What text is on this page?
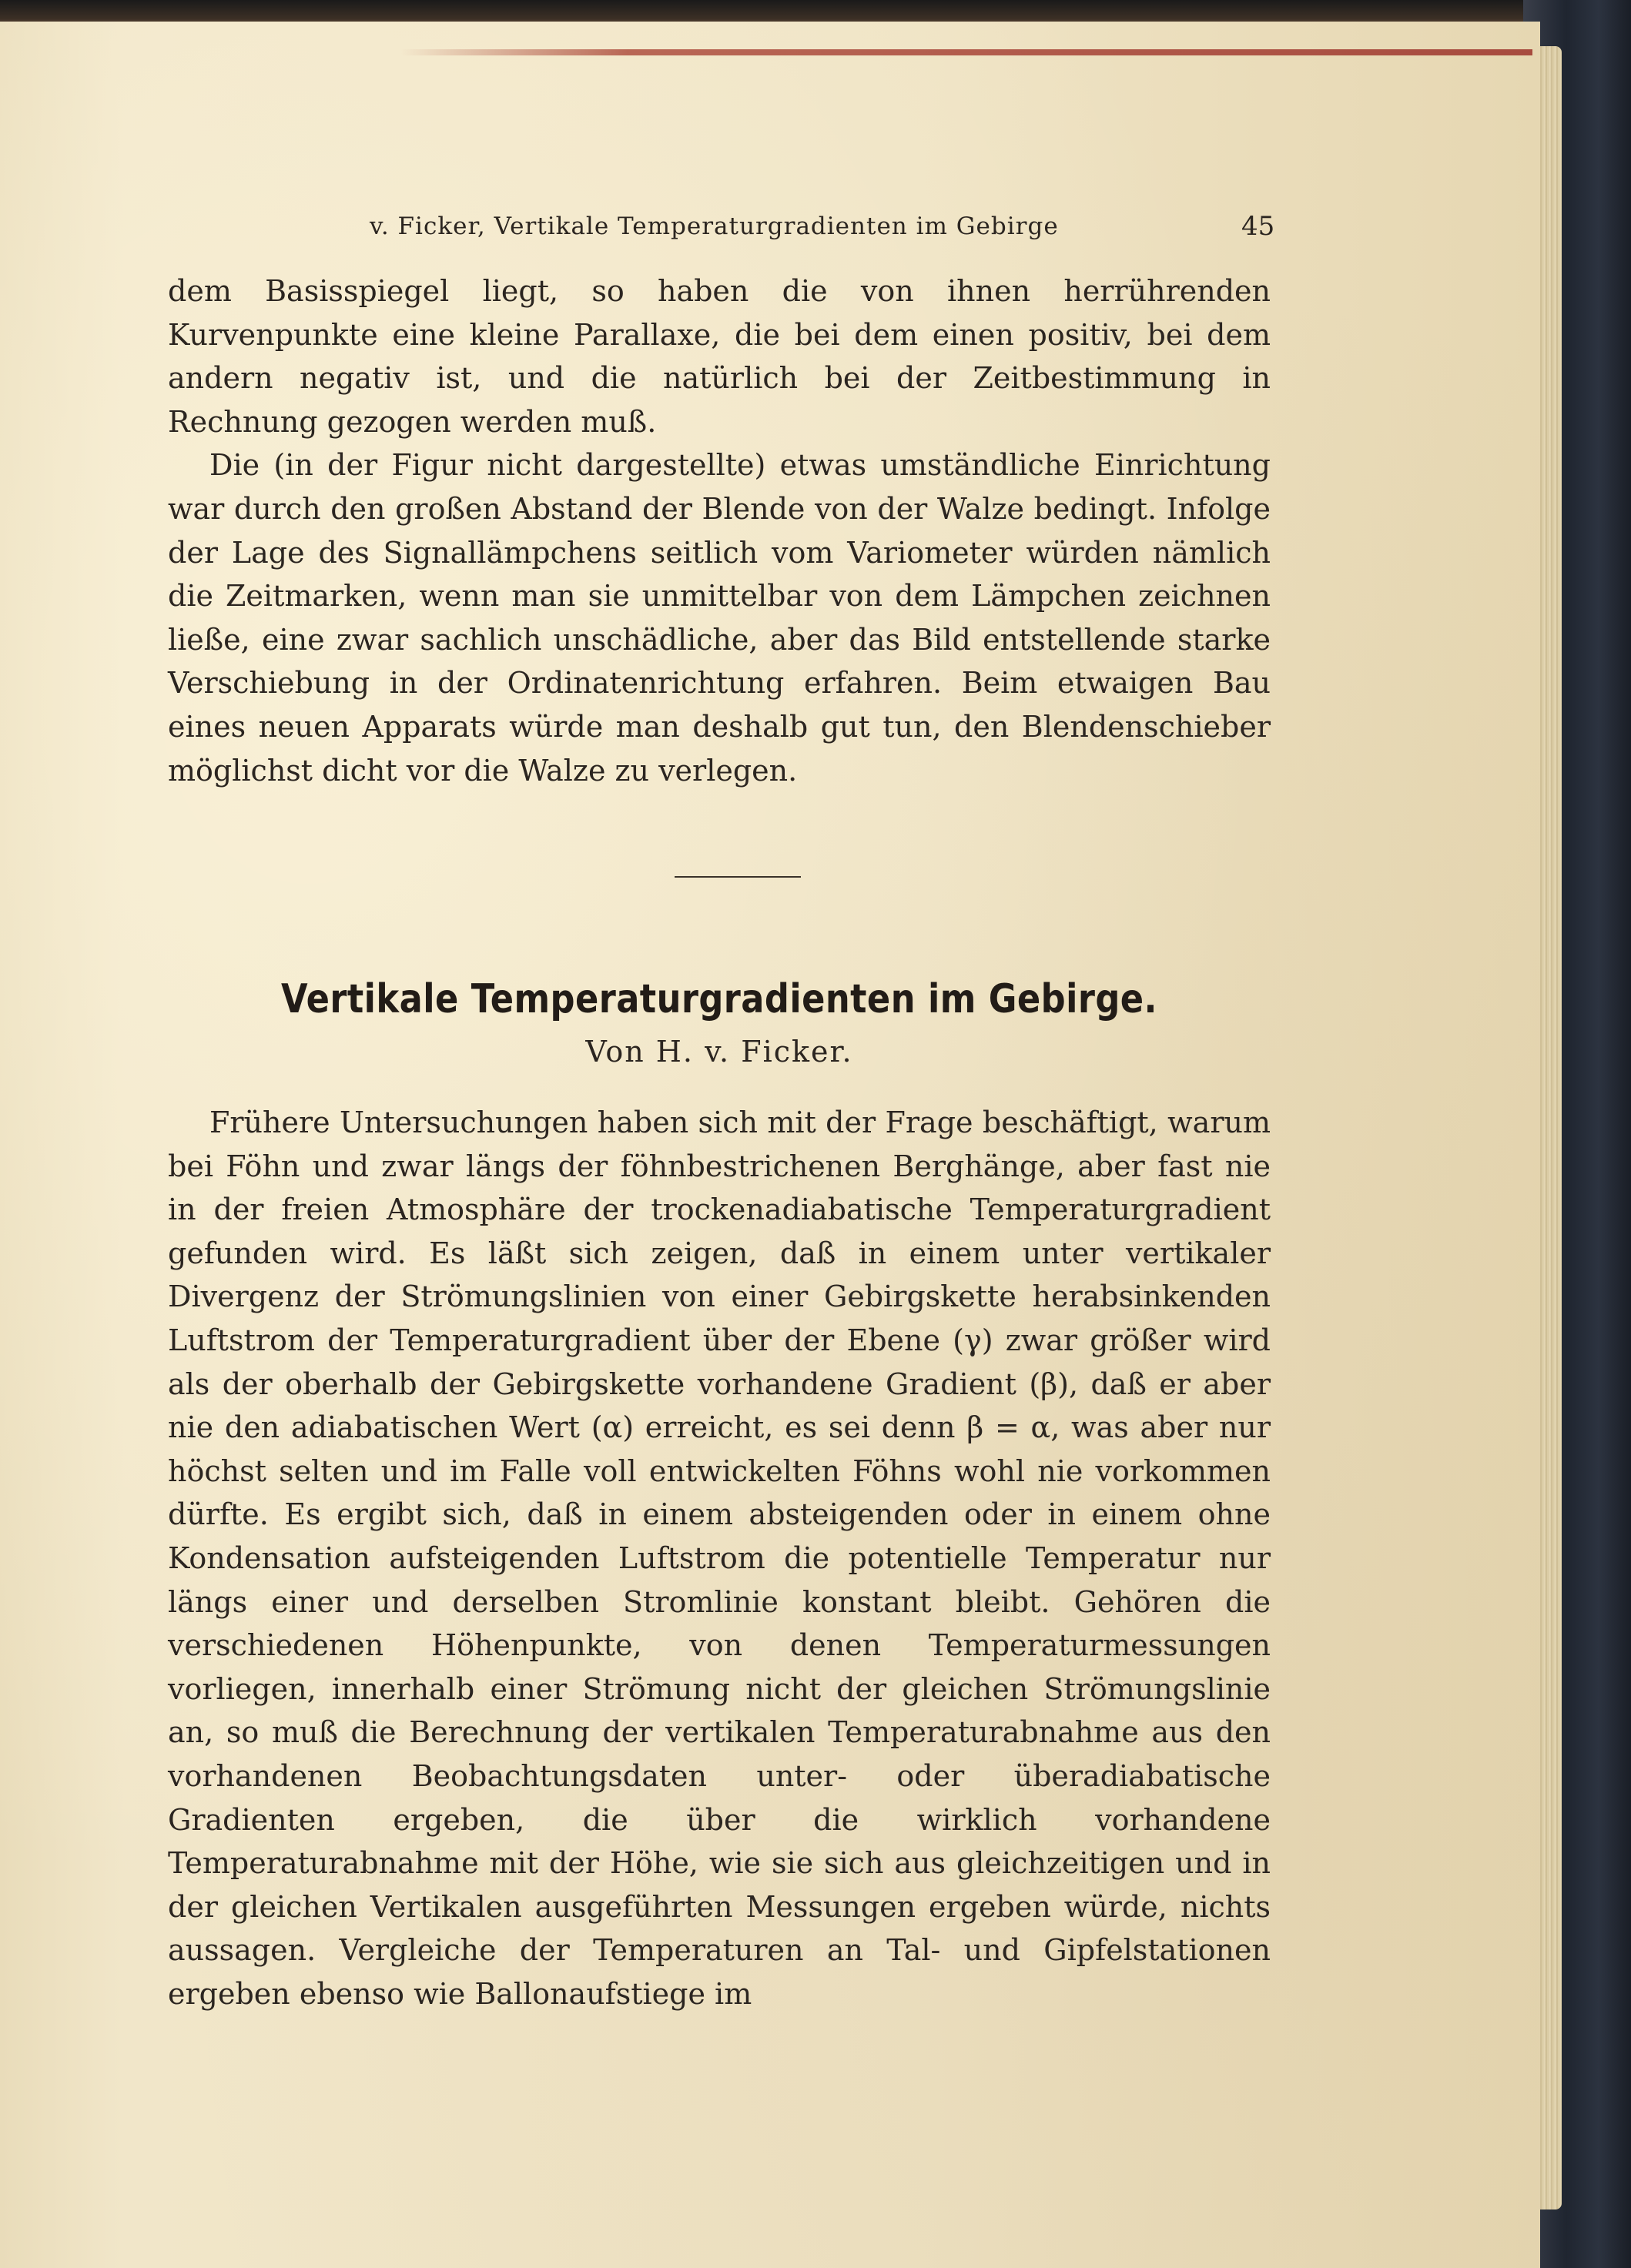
v. Ficker, Vertikale Temperaturgradienten im Gebirge	45

dem Basisspiegel liegt, so haben die von ihnen herrührenden Kurvenpunkte eine kleine Parallaxe, die bei dem einen positiv, bei dem andern negativ ist, und die natürlich bei der Zeitbestimmung in Rechnung gezogen werden muß.

Die (in der Figur nicht dargestellte) etwas umständliche Einrichtung war durch den großen Abstand der Blende von der Walze bedingt. Infolge der Lage des Signallämpchens seitlich vom Variometer würden nämlich die Zeitmarken, wenn man sie unmittelbar von dem Lämpchen zeichnen ließe, eine zwar sachlich unschädliche, aber das Bild entstellende starke Verschiebung in der Ordinatenrichtung erfahren. Beim etwaigen Bau eines neuen Apparats würde man deshalb gut tun, den Blendenschieber möglichst dicht vor die Walze zu verlegen.

Vertikale Temperaturgradienten im Gebirge.
Von H. v. Ficker.

Frühere Untersuchungen haben sich mit der Frage beschäftigt, warum bei Föhn und zwar längs der föhnbestrichenen Berghänge, aber fast nie in der freien Atmosphäre der trockenadiabatische Temperaturgradient gefunden wird. Es läßt sich zeigen, daß in einem unter vertikaler Divergenz der Strömungslinien von einer Gebirgskette herabsinkenden Luftstrom der Temperaturgradient über der Ebene (γ) zwar größer wird als der oberhalb der Gebirgskette vorhandene Gradient (β), daß er aber nie den adiabatischen Wert (α) erreicht, es sei denn β = α, was aber nur höchst selten und im Falle voll entwickelten Föhns wohl nie vorkommen dürfte. Es ergibt sich, daß in einem absteigenden oder in einem ohne Kondensation aufsteigenden Luftstrom die potentielle Temperatur nur längs einer und derselben Stromlinie konstant bleibt. Gehören die verschiedenen Höhenpunkte, von denen Temperaturmessungen vorliegen, innerhalb einer Strömung nicht der gleichen Strömungslinie an, so muß die Berechnung der vertikalen Temperaturabnahme aus den vorhandenen Beobachtungsdaten unter- oder überadiabatische Gradienten ergeben, die über die wirklich vorhandene Temperaturabnahme mit der Höhe, wie sie sich aus gleichzeitigen und in der gleichen Vertikalen ausgeführten Messungen ergeben würde, nichts aussagen. Vergleiche der Temperaturen an Tal- und Gipfelstationen ergeben ebenso wie Ballonaufstiege im
